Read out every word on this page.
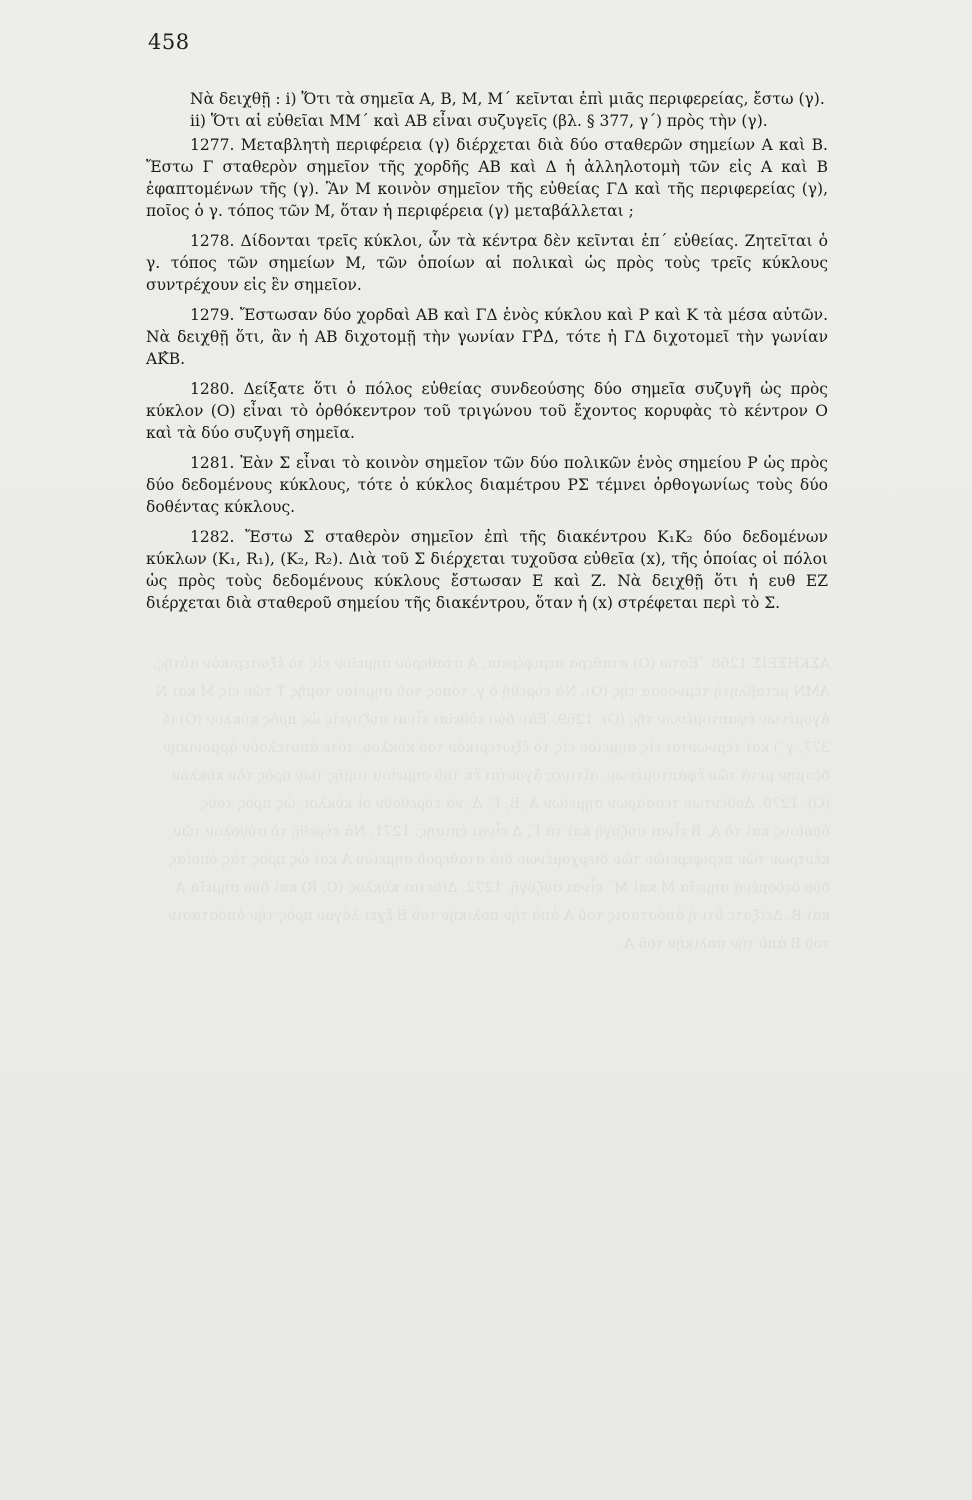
ΑΣΚΗΣΕΙΣ 1268. Ἔστω (Ο) σταθερὰ περιφέρεια, Α σταθερὸν σημεῖον εἰς τὸ ἐξωτερικόν αὐτῆς, ΑΜΝ μεταβλητὴ τέμνουσα τῆς (Ο). Νὰ εὑρεθῇ ὁ γ. τόπος τοῦ σημείου τομῆς Τ τῶν εἰς Μ καὶ Ν ἀγομένων ἐφαπτομένων τῆς (Ο). 1269. Ἐὰν δύο εὐθεῖαι εἶναι συζυγεῖς ὡς πρὸς κύκλον (Ο) (§ 377, γ΄) καὶ τέμνωνται εἰς σημεῖον εἰς τὸ ἐξωτερικόν τοῦ κύκλου, τότε ἀποτελοῦν ἁρμονικὴν δέσμην μετὰ τῶν ἐφαπτομένων, αἵτινες ἄγονται ἐκ τοῦ σημείου τομῆς των πρὸς τὸν κύκλον (Ο). 1270. Δοθέντων τεσσάρων σημείων Α, Β, Γ, Δ, νὰ εὑρεθοῦν οἱ κύκλοι, ὡς πρὸς τοὺς ὁποίους καὶ τὸ Α, Β εἶναι συζυγῆ καὶ τὰ Γ, Δ εἶναι ἐπίσης. 1271. Νὰ εὑρεθῇ τὸ σύνολον τῶν κέντρων τῶν περιφερειῶν τῶν διερχομένων διὰ σταθεροῦ σημείου Α καὶ ὡς πρὸς τὰς ὁποίας δύο δεδομένα σημεῖα Μ καὶ Μ΄ εἶναι συζυγῆ. 1272. Δίδεται κύκλος (Ο, R) καὶ δύο σημεῖα Α καὶ Β. Δείξατε ὅτι ἡ ἀπόστασις τοῦ Α ἀπὸ τὴν πολικὴν τοῦ Β ἔχει λόγον πρὸς τὴν ἀπόστασιν τοῦ Β ἀπὸ τὴν πολικὴν τοῦ Α.
458

Νὰ δειχθῇ : i) Ὅτι τὰ σημεῖα Α, Β, Μ, Μ΄ κεῖνται ἐπὶ μιᾶς περιφερείας, ἔστω (γ).

ii) Ὅτι αἱ εὐθεῖαι ΜΜ΄ καὶ ΑΒ εἶναι συζυγεῖς (βλ. § 377, γ΄) πρὸς τὴν (γ).

1277. Μεταβλητὴ περιφέρεια (γ) διέρχεται διὰ δύο σταθερῶν σημείων Α καὶ Β. Ἔστω Γ σταθερὸν σημεῖον τῆς χορδῆς ΑΒ καὶ Δ ἡ ἀλληλοτομὴ τῶν εἰς Α καὶ Β ἐφαπτομένων τῆς (γ). Ἂν Μ κοινὸν σημεῖον τῆς εὐθείας ΓΔ καὶ τῆς περιφερείας (γ), ποῖος ὁ γ. τόπος τῶν Μ, ὅταν ἡ περιφέρεια (γ) μεταβάλλεται ;

1278. Δίδονται τρεῖς κύκλοι, ὧν τὰ κέντρα δὲν κεῖνται ἐπ΄ εὐθείας. Ζητεῖται ὁ γ. τόπος τῶν σημείων Μ, τῶν ὁποίων αἱ πολικαὶ ὡς πρὸς τοὺς τρεῖς κύκλους συντρέχουν εἰς ἓν σημεῖον.

1279. Ἔστωσαν δύο χορδαὶ ΑΒ καὶ ΓΔ ἑνὸς κύκλου καὶ Ρ καὶ Κ τὰ μέσα αὐτῶν. Νὰ δειχθῇ ὅτι, ἂν ἡ ΑΒ διχοτομῇ τὴν γωνίαν ΓΡ̂Δ, τότε ἡ ΓΔ διχοτομεῖ τὴν γωνίαν ΑΚ̂Β.

1280. Δείξατε ὅτι ὁ πόλος εὐθείας συνδεούσης δύο σημεῖα συζυγῆ ὡς πρὸς κύκλον (Ο) εἶναι τὸ ὀρθόκεντρον τοῦ τριγώνου τοῦ ἔχοντος κορυφὰς τὸ κέντρον Ο καὶ τὰ δύο συζυγῆ σημεῖα.

1281. Ἐὰν Σ εἶναι τὸ κοινὸν σημεῖον τῶν δύο πολικῶν ἑνὸς σημείου Ρ ὡς πρὸς δύο δεδομένους κύκλους, τότε ὁ κύκλος διαμέτρου ΡΣ τέμνει ὀρθογωνίως τοὺς δύο δοθέντας κύκλους.

1282. Ἔστω Σ σταθερὸν σημεῖον ἐπὶ τῆς διακέντρου Κ₁Κ₂ δύο δεδομένων κύκλων (Κ₁, R₁), (Κ₂, R₂). Διὰ τοῦ Σ διέρχεται τυχοῦσα εὐθεῖα (x), τῆς ὁποίας οἱ πόλοι ὡς πρὸς τοὺς δεδομένους κύκλους ἔστωσαν Ε καὶ Ζ. Νὰ δειχθῇ ὅτι ἡ ευθ ΕΖ διέρχεται διὰ σταθεροῦ σημείου τῆς διακέντρου, ὅταν ἡ (x) στρέφεται περὶ τὸ Σ.
